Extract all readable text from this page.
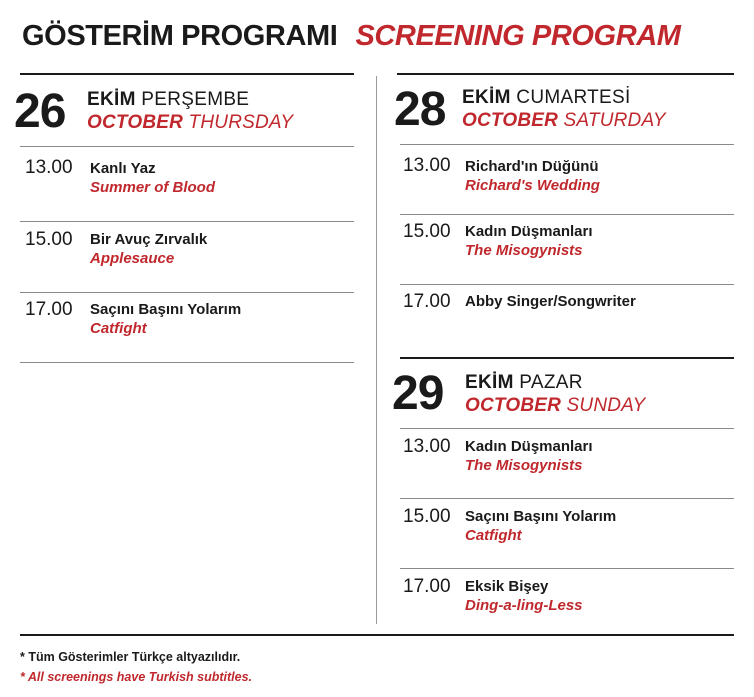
GÖSTERİM PROGRAMI SCREENING PROGRAM
26 EKİM PERŞEMBE
OCTOBER THURSDAY
13.00 Kanlı Yaz
Summer of Blood
15.00 Bir Avuç Zırvalık
Applesauce
17.00 Saçını Başını Yolarım
Catfight
28 EKİM CUMARTESİ
OCTOBER SATURDAY
13.00 Richard'ın Düğünü
Richard's Wedding
15.00 Kadın Düşmanları
The Misogynists
17.00 Abby Singer/Songwriter
29 EKİM PAZAR
OCTOBER SUNDAY
13.00 Kadın Düşmanları
The Misogynists
15.00 Saçını Başını Yolarım
Catfight
17.00 Eksik Bişey
Ding-a-ling-Less
* Tüm Gösterimler Türkçe altyazılıdır.
* All screenings have Turkish subtitles.
